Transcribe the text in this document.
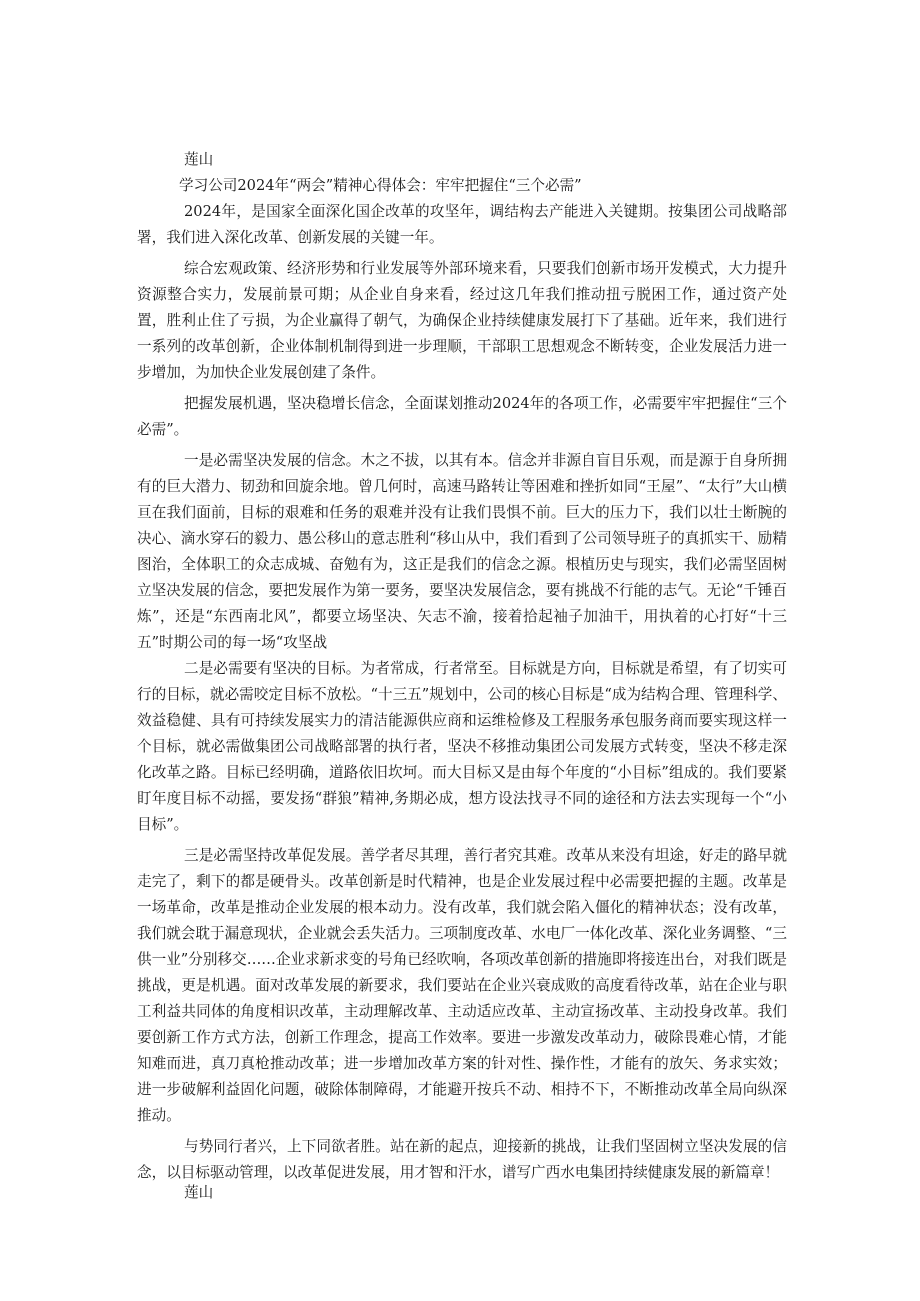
莲山

学习公司2024年“两会”精神心得体会：牢牢把握住“三个必需”

2024年，是国家全面深化国企改革的攻坚年，调结构去产能进入关键期。按集团公司战略部署，我们进入深化改革、创新发展的关键一年。

综合宏观政策、经济形势和行业发展等外部环境来看，只要我们创新市场开发模式，大力提升资源整合实力，发展前景可期；从企业自身来看，经过这几年我们推动扭亏脱困工作，通过资产处置，胜利止住了亏损，为企业赢得了朝气，为确保企业持续健康发展打下了基础。近年来，我们进行一系列的改革创新，企业体制机制得到进一步理顺，干部职工思想观念不断转变，企业发展活力进一步增加，为加快企业发展创建了条件。

把握发展机遇，坚决稳增长信念，全面谋划推动2024年的各项工作，必需要牢牢把握住“三个必需”。

一是必需坚决发展的信念。木之不拔，以其有本。信念并非源自盲目乐观，而是源于自身所拥有的巨大潜力、韧劲和回旋余地。曾几何时，高速马路转让等困难和挫折如同“王屋”、“太行”大山横亘在我们面前，目标的艰难和任务的艰难并没有让我们畏惧不前。巨大的压力下，我们以壮士断腕的决心、滴水穿石的毅力、愚公移山的意志胜利“移山从中，我们看到了公司领导班子的真抓实干、励精图治，全体职工的众志成城、奋勉有为，这正是我们的信念之源。根植历史与现实，我们必需坚固树立坚决发展的信念，要把发展作为第一要务，要坚决发展信念，要有挑战不行能的志气。无论“千锤百炼”，还是“东西南北风”，都要立场坚决、矢志不渝，接着拾起袖子加油干，用执着的心打好“十三五”时期公司的每一场“攻坚战

二是必需要有坚决的目标。为者常成，行者常至。目标就是方向，目标就是希望，有了切实可行的目标，就必需咬定目标不放松。“十三五”规划中，公司的核心目标是“成为结构合理、管理科学、效益稳健、具有可持续发展实力的清洁能源供应商和运维检修及工程服务承包服务商而要实现这样一个目标，就必需做集团公司战略部署的执行者，坚决不移推动集团公司发展方式转变，坚决不移走深化改革之路。目标已经明确，道路依旧坎坷。而大目标又是由每个年度的“小目标”组成的。我们要紧盯年度目标不动摇，要发扬“群狼”精神,务期必成，想方设法找寻不同的途径和方法去实现每一个“小目标”。

三是必需坚持改革促发展。善学者尽其理，善行者究其难。改革从来没有坦途，好走的路早就走完了，剩下的都是硬骨头。改革创新是时代精神，也是企业发展过程中必需要把握的主题。改革是一场革命，改革是推动企业发展的根本动力。没有改革，我们就会陷入僵化的精神状态；没有改革，我们就会耽于漏意现状，企业就会丢失活力。三项制度改革、水电厂一体化改革、深化业务调整、“三供一业”分别移交……企业求新求变的号角已经吹响，各项改革创新的措施即将接连出台，对我们既是挑战，更是机遇。面对改革发展的新要求，我们要站在企业兴衰成败的高度看待改革，站在企业与职工利益共同体的角度相识改革，主动理解改革、主动适应改革、主动宣扬改革、主动投身改革。我们要创新工作方式方法，创新工作理念，提高工作效率。要进一步激发改革动力，破除畏难心情，才能知难而进，真刀真枪推动改革；进一步增加改革方案的针对性、操作性，才能有的放矢、务求实效；进一步破解利益固化问题，破除体制障碍，才能避开按兵不动、相持不下，不断推动改革全局向纵深推动。

与势同行者兴，上下同欲者胜。站在新的起点，迎接新的挑战，让我们坚固树立坚决发展的信念，以目标驱动管理，以改革促进发展，用才智和汗水，谱写广西水电集团持续健康发展的新篇章！

莲山
